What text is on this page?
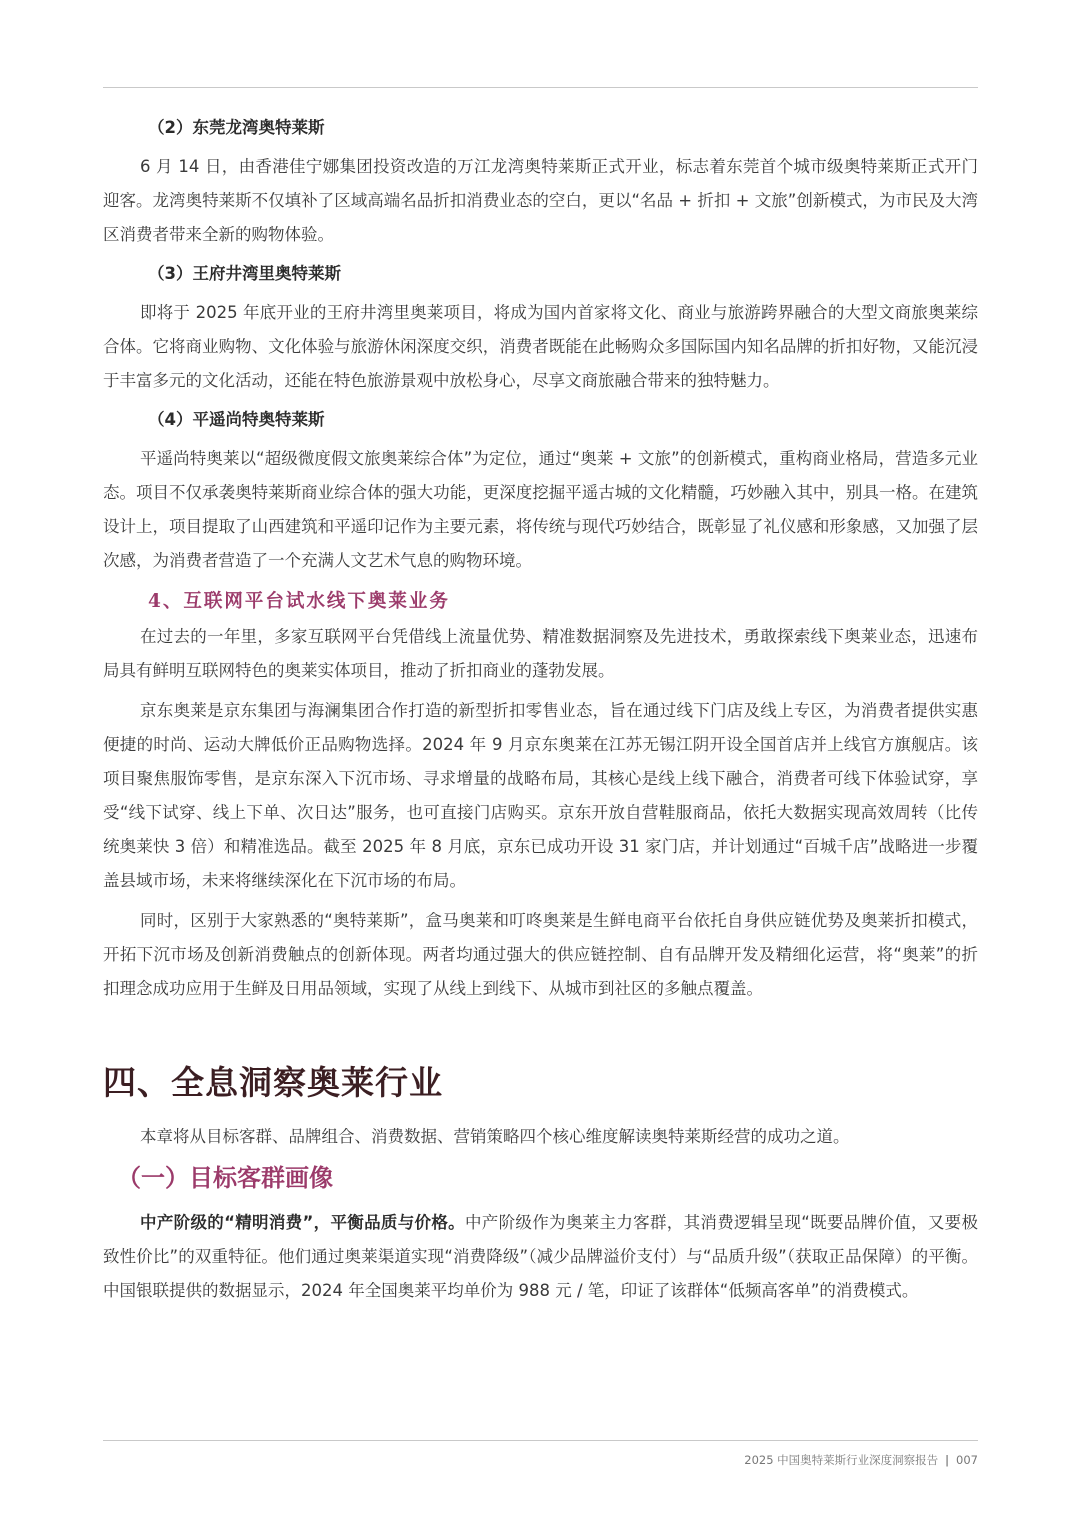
（2）东莞龙湾奥特莱斯

6 月 14 日，由香港佳宁娜集团投资改造的万江龙湾奥特莱斯正式开业，标志着东莞首个城市级奥特莱斯正式开门迎客。龙湾奥特莱斯不仅填补了区域高端名品折扣消费业态的空白，更以“名品 + 折扣 + 文旅”创新模式，为市民及大湾区消费者带来全新的购物体验。

（3）王府井湾里奥特莱斯

即将于 2025 年底开业的王府井湾里奥莱项目，将成为国内首家将文化、商业与旅游跨界融合的大型文商旅奥莱综合体。它将商业购物、文化体验与旅游休闲深度交织，消费者既能在此畅购众多国际国内知名品牌的折扣好物，又能沉浸于丰富多元的文化活动，还能在特色旅游景观中放松身心，尽享文商旅融合带来的独特魅力。

（4）平遥尚特奥特莱斯

平遥尚特奥莱以“超级微度假文旅奥莱综合体”为定位，通过“奥莱 + 文旅”的创新模式，重构商业格局，营造多元业态。项目不仅承袭奥特莱斯商业综合体的强大功能，更深度挖掘平遥古城的文化精髓，巧妙融入其中，别具一格。在建筑设计上，项目提取了山西建筑和平遥印记作为主要元素，将传统与现代巧妙结合，既彰显了礼仪感和形象感，又加强了层次感，为消费者营造了一个充满人文艺术气息的购物环境。

4、互联网平台试水线下奥莱业务

在过去的一年里，多家互联网平台凭借线上流量优势、精准数据洞察及先进技术，勇敢探索线下奥莱业态，迅速布局具有鲜明互联网特色的奥莱实体项目，推动了折扣商业的蓬勃发展。

京东奥莱是京东集团与海澜集团合作打造的新型折扣零售业态，旨在通过线下门店及线上专区，为消费者提供实惠便捷的时尚、运动大牌低价正品购物选择。2024 年 9 月京东奥莱在江苏无锡江阴开设全国首店并上线官方旗舰店。该项目聚焦服饰零售，是京东深入下沉市场、寻求增量的战略布局，其核心是线上线下融合，消费者可线下体验试穿，享受“线下试穿、线上下单、次日达”服务，也可直接门店购买。京东开放自营鞋服商品，依托大数据实现高效周转（比传统奥莱快 3 倍）和精准选品。截至 2025 年 8 月底，京东已成功开设 31 家门店，并计划通过“百城千店”战略进一步覆盖县域市场，未来将继续深化在下沉市场的布局。

同时，区别于大家熟悉的“奥特莱斯”，盒马奥莱和叮咚奥莱是生鲜电商平台依托自身供应链优势及奥莱折扣模式，开拓下沉市场及创新消费触点的创新体现。两者均通过强大的供应链控制、自有品牌开发及精细化运营，将“奥莱”的折扣理念成功应用于生鲜及日用品领域，实现了从线上到线下、从城市到社区的多触点覆盖。

四、全息洞察奥莱行业

本章将从目标客群、品牌组合、消费数据、营销策略四个核心维度解读奥特莱斯经营的成功之道。

（一）目标客群画像

中产阶级的“精明消费”，平衡品质与价格。中产阶级作为奥莱主力客群，其消费逻辑呈现“既要品牌价值，又要极致性价比”的双重特征。他们通过奥莱渠道实现“消费降级”（减少品牌溢价支付）与“品质升级”（获取正品保障）的平衡。中国银联提供的数据显示，2024 年全国奥莱平均单价为 988 元 / 笔，印证了该群体“低频高客单”的消费模式。

2025 中国奥特莱斯行业深度洞察报告 | 007
